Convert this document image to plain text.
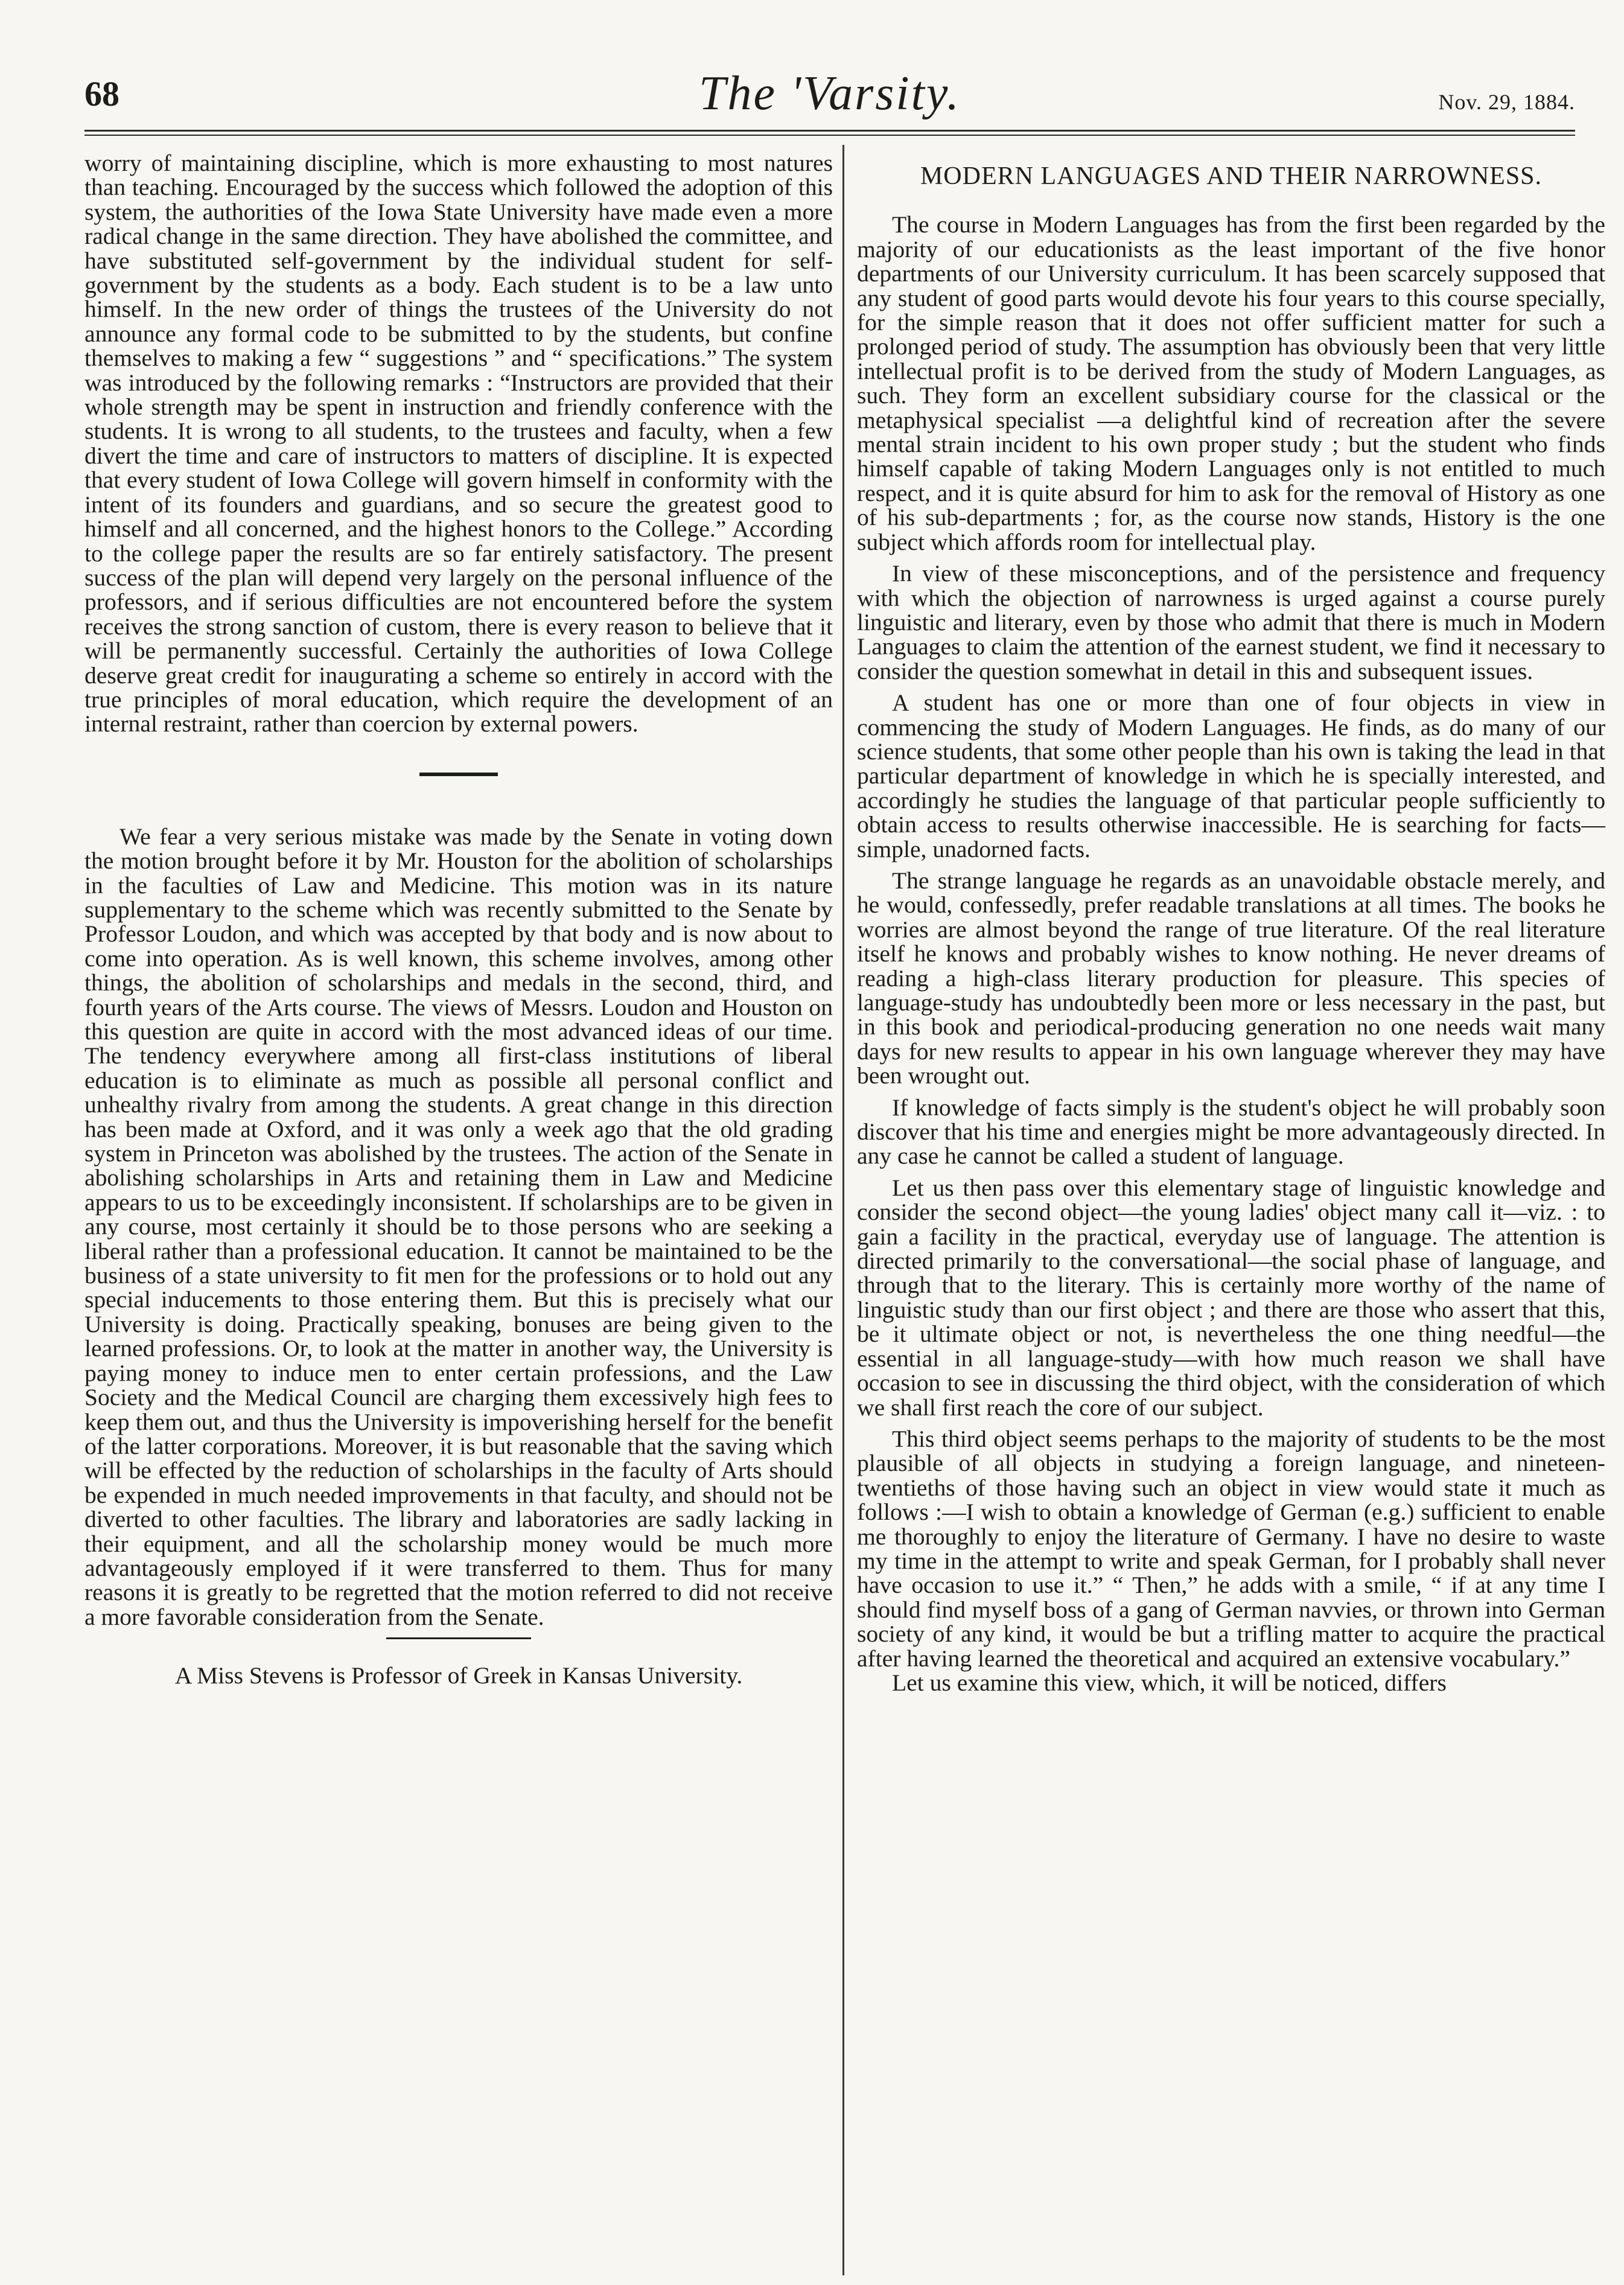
68	The 'Varsity.	Nov. 29, 1884.

worry of maintaining discipline, which is more exhausting to most natures than teaching. Encouraged by the success which followed the adoption of this system, the authorities of the Iowa State University have made even a more radical change in the same direction. They have abolished the committee, and have substituted self-government by the individual student for self-government by the students as a body. Each student is to be a law unto himself. In the new order of things the trustees of the University do not announce any formal code to be submitted to by the students, but confine themselves to making a few “ suggestions ” and “ specifications.” The system was introduced by the following remarks : “Instructors are provided that their whole strength may be spent in instruction and friendly conference with the students. It is wrong to all students, to the trustees and faculty, when a few divert the time and care of instructors to matters of discipline. It is expected that every student of Iowa College will govern himself in conformity with the intent of its founders and guardians, and so secure the greatest good to himself and all concerned, and the highest honors to the College.” According to the college paper the results are so far entirely satisfactory. The present success of the plan will depend very largely on the personal influence of the professors, and if serious difficulties are not encountered before the system receives the strong sanction of custom, there is every reason to believe that it will be permanently successful. Certainly the authorities of Iowa College deserve great credit for inaugurating a scheme so entirely in accord with the true principles of moral education, which require the development of an internal restraint, rather than coercion by external powers.

We fear a very serious mistake was made by the Senate in voting down the motion brought before it by Mr. Houston for the abolition of scholarships in the faculties of Law and Medicine. This motion was in its nature supplementary to the scheme which was recently submitted to the Senate by Professor Loudon, and which was accepted by that body and is now about to come into operation. As is well known, this scheme involves, among other things, the abolition of scholarships and medals in the second, third, and fourth years of the Arts course. The views of Messrs. Loudon and Houston on this question are quite in accord with the most advanced ideas of our time. The tendency everywhere among all first-class institutions of liberal education is to eliminate as much as possible all personal conflict and unhealthy rivalry from among the students. A great change in this direction has been made at Oxford, and it was only a week ago that the old grading system in Princeton was abolished by the trustees. The action of the Senate in abolishing scholarships in Arts and retaining them in Law and Medicine appears to us to be exceedingly inconsistent. If scholarships are to be given in any course, most certainly it should be to those persons who are seeking a liberal rather than a professional education. It cannot be maintained to be the business of a state university to fit men for the professions or to hold out any special inducements to those entering them. But this is precisely what our University is doing. Practically speaking, bonuses are being given to the learned professions. Or, to look at the matter in another way, the University is paying money to induce men to enter certain professions, and the Law Society and the Medical Council are charging them excessively high fees to keep them out, and thus the University is impoverishing herself for the benefit of the latter corporations. Moreover, it is but reasonable that the saving which will be effected by the reduction of scholarships in the faculty of Arts should be expended in much needed improvements in that faculty, and should not be diverted to other faculties. The library and laboratories are sadly lacking in their equipment, and all the scholarship money would be much more advantageously employed if it were transferred to them. Thus for many reasons it is greatly to be regretted that the motion referred to did not receive a more favorable consideration from thе Senate.

A Miss Stevens is Professor of Greek in Kansas University.

MODERN LANGUAGES AND THEIR NARROWNESS.

The course in Modern Languages has from the first been regarded by the majority of our educationists as the least important of the five honor departments of our University curriculum. It has been scarcely supposed that any student of good parts would devote his four years to this course specially, for the simple reason that it does not offer sufficient matter for such a prolonged period of study. The assumption has obviously been that very little intellectual profit is to be derived from the study of Modern Languages, as such. They form an excellent subsidiary course for the classical or the metaphysical specialist —a delightful kind of recreation after the severe mental strain incident to his own proper study ; but the student who finds himself capable of taking Modern Languages only is not entitled to much respect, and it is quite absurd for him to ask for the removal of History as one of his sub-departments ; for, as the course now stands, History is the one subject which affords room for intellectual play.

In view of these misconceptions, and of the persistence and frequency with which the objection of narrowness is urged against a course purely linguistic and literary, even by those who admit that there is much in Modern Languages to claim the attention of the earnest student, we find it necessary to consider the question somewhat in detail in this and subsequent issues.

A student has one or more than one of four objects in view in commencing the study of Modern Languages. He finds, as do many of our science students, that some other people than his own is taking the lead in that particular department of knowledge in which he is specially interested, and accordingly he studies the language of that particular people sufficiently to obtain access to results otherwise inaccessible. He is searching for facts—simple, unadorned facts.

The strange language he regards as an unavoidable obstacle merely, and he would, confessedly, prefer readable translations at all times. The books he worries are almost beyond the range of true literature. Of the real literature itself he knows and probably wishes to know nothing. He never dreams of reading a high-class literary production for pleasure. This species of language-study has undoubtedly been more or less necessary in the past, but in this book and periodical-producing generation no one needs wait many days for new results to appear in his own language wherever they may have been wrought out.

If knowledge of facts simply is the student's object he will probably soon discover that his time and energies might be more advantageously directed. In any case he cannot be called a student of language.

Let us then pass over this elementary stage of linguistic knowledge and consider the second object—the young ladies' object many call it—viz. : to gain a facility in the practical, everyday use of language. The attention is directed primarily to the conversational—the social phase of language, and through that to the literary. This is certainly more worthy of the name of linguistic study than our first object ; and there are those who assert that this, be it ultimate object or not, is nevertheless the one thing needful—the essential in all language-study—with how much reason we shall have occasion to see in discussing the third object, with the consideration of which we shall first reach the core of our subject.

This third object seems perhaps to the majority of students to be the most plausible of all objects in studying a foreign language, and nineteen-twentieths of those having such an object in view would state it much as follows :—I wish to obtain a knowledge of German (e.g.) sufficient to enable me thoroughly to enjoy the literature of Germany. I have no desire to waste my time in the attempt to write and speak German, for I probably shall never have occasion to use it.” “ Then,” he adds with a smile, “ if at any time I should find myself boss of a gang of German navvies, or thrown into German society of any kind, it would be but a trifling matter to acquire the practical after having learned the theoretical and acquired an extensive vocabulary.”

Let us examine this view, which, it will be noticed, differs
